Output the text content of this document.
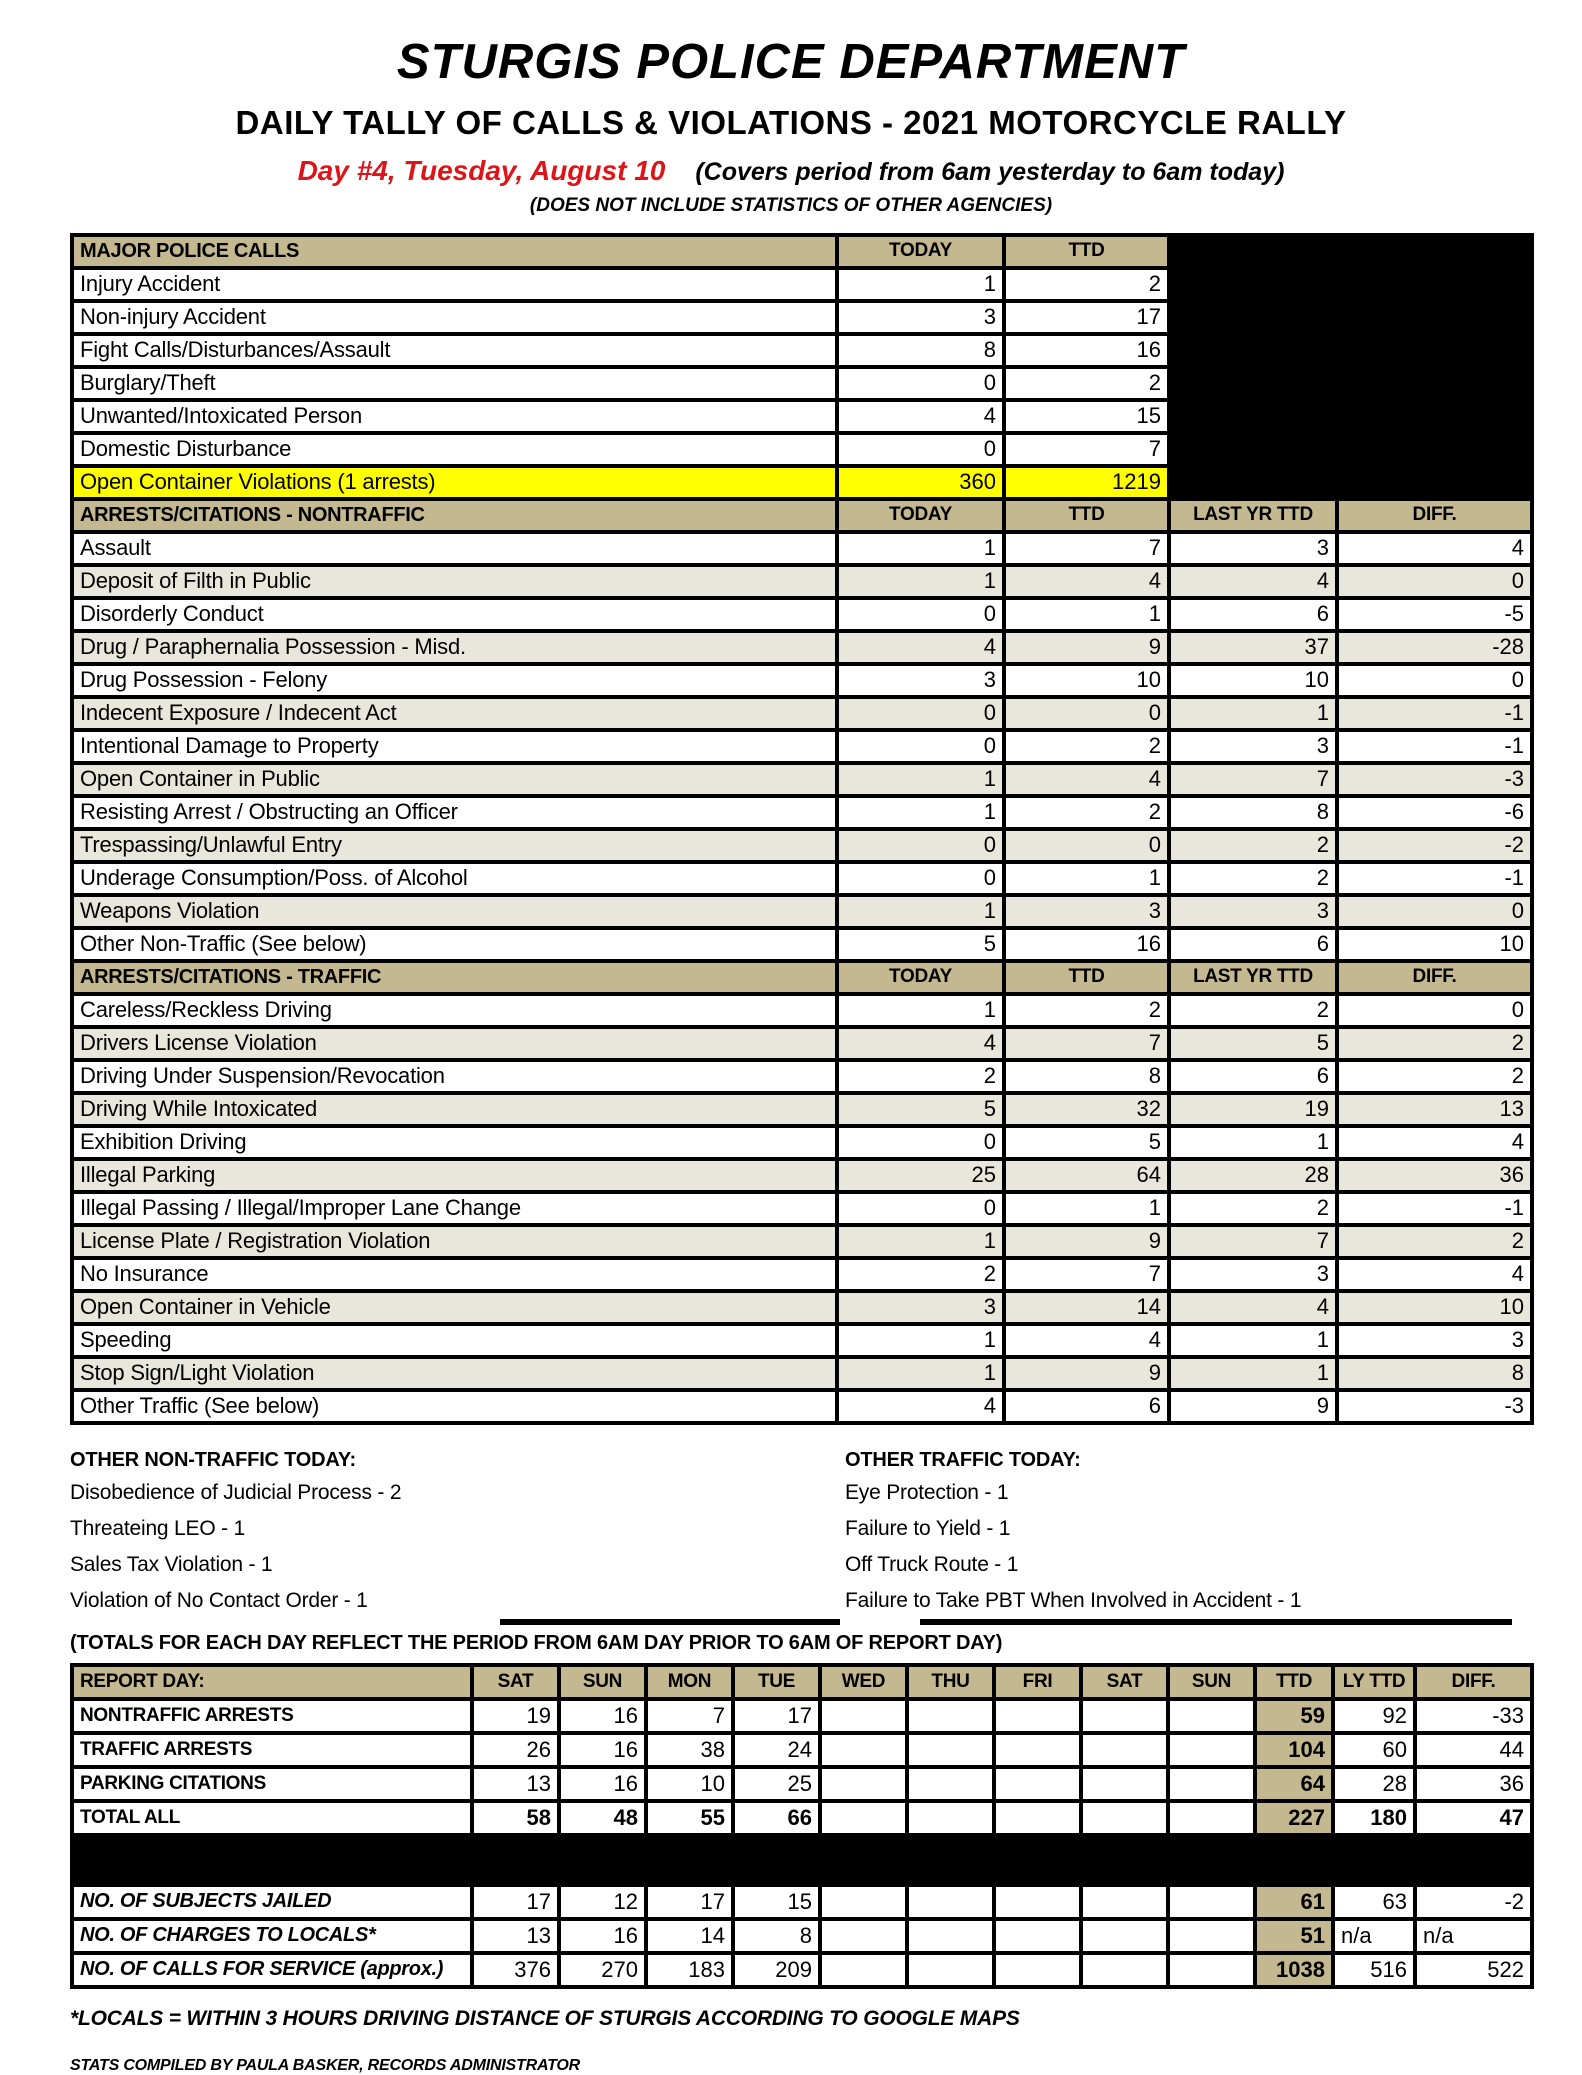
STURGIS POLICE DEPARTMENT
DAILY TALLY OF CALLS & VIOLATIONS - 2021 MOTORCYCLE RALLY
Day #4, Tuesday, August 10 (Covers period from 6am yesterday to 6am today)
(DOES NOT INCLUDE STATISTICS OF OTHER AGENCIES)
MAJOR POLICE CALLS	TODAY	TTD		
Injury Accident	1	2		
Non-injury Accident	3	17		
Fight Calls/Disturbances/Assault	8	16		
Burglary/Theft	0	2		
Unwanted/Intoxicated Person	4	15		
Domestic Disturbance	0	7		
Open Container Violations (1 arrests)	360	1219		
ARRESTS/CITATIONS - NONTRAFFIC	TODAY	TTD	LAST YR TTD	DIFF.
Assault	1	7	3	4
Deposit of Filth in Public	1	4	4	0
Disorderly Conduct	0	1	6	-5
Drug / Paraphernalia Possession - Misd.	4	9	37	-28
Drug Possession - Felony	3	10	10	0
Indecent Exposure / Indecent Act	0	0	1	-1
Intentional Damage to Property	0	2	3	-1
Open Container in Public	1	4	7	-3
Resisting Arrest / Obstructing an Officer	1	2	8	-6
Trespassing/Unlawful Entry	0	0	2	-2
Underage Consumption/Poss. of Alcohol	0	1	2	-1
Weapons Violation	1	3	3	0
Other Non-Traffic (See below)	5	16	6	10
ARRESTS/CITATIONS - TRAFFIC	TODAY	TTD	LAST YR TTD	DIFF.
Careless/Reckless Driving	1	2	2	0
Drivers License Violation	4	7	5	2
Driving Under Suspension/Revocation	2	8	6	2
Driving While Intoxicated	5	32	19	13
Exhibition Driving	0	5	1	4
Illegal Parking	25	64	28	36
Illegal Passing / Illegal/Improper Lane Change	0	1	2	-1
License Plate / Registration Violation	1	9	7	2
No Insurance	2	7	3	4
Open Container in Vehicle	3	14	4	10
Speeding	1	4	1	3
Stop Sign/Light Violation	1	9	1	8
Other Traffic (See below)	4	6	9	-3
OTHER NON-TRAFFIC TODAY:
Disobedience of Judicial Process - 2
Threateing LEO - 1
Sales Tax Violation - 1
Violation of No Contact Order - 1
OTHER TRAFFIC TODAY:
Eye Protection - 1
Failure to Yield - 1
Off Truck Route - 1
Failure to Take PBT When Involved in Accident - 1
(TOTALS FOR EACH DAY REFLECT THE PERIOD FROM 6AM DAY PRIOR TO 6AM OF REPORT DAY)
REPORT DAY:	SAT	SUN	MON	TUE	WED	THU	FRI	SAT	SUN	TTD	LY TTD	DIFF.
NONTRAFFIC ARRESTS	19	16	7	17						59	92	-33
TRAFFIC ARRESTS	26	16	38	24						104	60	44
PARKING CITATIONS	13	16	10	25						64	28	36
TOTAL ALL	58	48	55	66						227	180	47

NO. OF SUBJECTS JAILED	17	12	17	15						61	63	-2
NO. OF CHARGES TO LOCALS*	13	16	14	8						51	n/a	n/a
NO. OF CALLS FOR SERVICE (approx.)	376	270	183	209						1038	516	522
*LOCALS = WITHIN 3 HOURS DRIVING DISTANCE OF STURGIS ACCORDING TO GOOGLE MAPS
STATS COMPILED BY PAULA BASKER, RECORDS ADMINISTRATOR
